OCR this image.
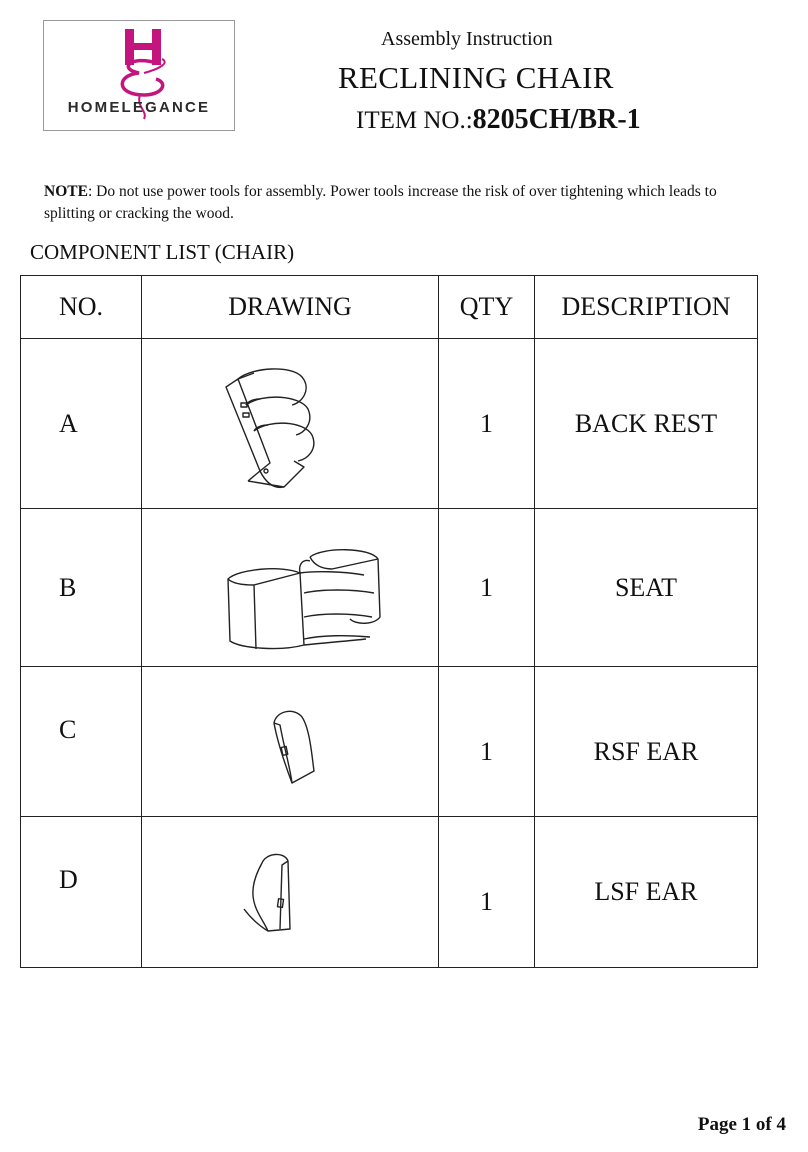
HOMELEGANCE
Assembly Instruction
RECLINING CHAIR
ITEM NO.:8205CH/BR-1
NOTE: Do not use power tools for assembly. Power tools increase the risk of over tightening which leads to splitting or cracking the wood.
COMPONENT LIST (CHAIR)
NO.	DRAWING	QTY	DESCRIPTION
A		1	BACK REST
B		1	SEAT
C		1	RSF EAR
D		1	LSF EAR
Page 1 of 4
